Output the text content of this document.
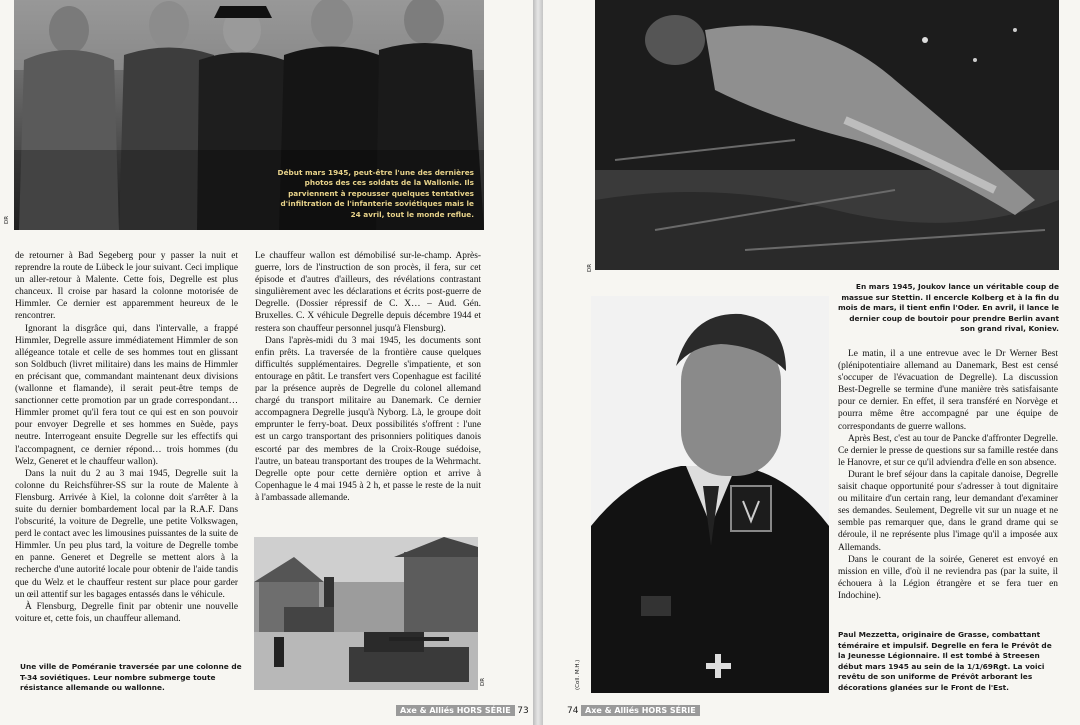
Début mars 1945, peut-être l'une des dernières photos des ces soldats de la Wallonie. Ils parviennent à repousser quelques tentatives d'infiltration de l'infanterie soviétiques mais le 24 avril, tout le monde reflue.
DR

de retourner à Bad Segeberg pour y passer la nuit et reprendre la route de Lübeck le jour suivant. Ceci implique un aller-retour à Malente. Cette fois, Degrelle est plus chanceux. Il croise par hasard la colonne motorisée de Himmler. Ce dernier est apparemment heureux de le rencontrer.

Ignorant la disgrâce qui, dans l'intervalle, a frappé Himmler, Degrelle assure immédiatement Himmler de son allégeance totale et celle de ses hommes tout en glissant son Soldbuch (livret militaire) dans les mains de Himmler en précisant que, commandant maintenant deux divisions (wallonne et flamande), il serait peut-être temps de sanctionner cette promotion par un grade correspondant… Himmler promet qu'il fera tout ce qui est en son pouvoir pour envoyer Degrelle et ses hommes en Suède, pays neutre. Interrogeant ensuite Degrelle sur les effectifs qui l'accompagnent, ce dernier répond… trois hommes (du Welz, Generet et le chauffeur wallon).

Dans la nuit du 2 au 3 mai 1945, Degrelle suit la colonne du Reichsführer-SS sur la route de Malente à Flensburg. Arrivée à Kiel, la colonne doit s'arrêter à la suite du dernier bombardement local par la R.A.F. Dans l'obscurité, la voiture de Degrelle, une petite Volkswagen, perd le contact avec les limousines puissantes de la suite de Himmler. Un peu plus tard, la voiture de Degrelle tombe en panne. Generet et Degrelle se mettent alors à la recherche d'une autorité locale pour obtenir de l'aide tandis que du Welz et le chauffeur restent sur place pour garder un œil attentif sur les bagages entassés dans le véhicule.

À Flensburg, Degrelle finit par obtenir une nouvelle voiture et, cette fois, un chauffeur allemand.

Le chauffeur wallon est démobilisé sur-le-champ. Après-guerre, lors de l'instruction de son procès, il fera, sur cet épisode et d'autres d'ailleurs, des révélations contrastant singulièrement avec les déclarations et écrits post-guerre de Degrelle. (Dossier répressif de C. X… – Aud. Gén. Bruxelles. C. X véhicule Degrelle depuis décembre 1944 et restera son chauffeur personnel jusqu'à Flensburg).

Dans l'après-midi du 3 mai 1945, les documents sont enfin prêts. La traversée de la frontière cause quelques difficultés supplémentaires. Degrelle s'impatiente, et son entourage en pâtit. Le transfert vers Copenhague est facilité par la présence auprès de Degrelle du colonel allemand chargé du transport militaire au Danemark. Ce dernier accompagnera Degrelle jusqu'à Nyborg. Là, le groupe doit emprunter le ferry-boat. Deux possibilités s'offrent : l'une est un cargo transportant des prisonniers politiques danois escorté par des membres de la Croix-Rouge suédoise, l'autre, un bateau transportant des troupes de la Wehrmacht. Degrelle opte pour cette dernière option et arrive à Copenhague le 4 mai 1945 à 2 h, et passe le reste de la nuit à l'ambassade allemande.

DR
Une ville de Poméranie traversée par une colonne de T-34 soviétiques. Leur nombre submerge toute résistance allemande ou wallonne.
Axe & Alliés HORS SÉRIE 73
DR
En mars 1945, Joukov lance un véritable coup de massue sur Stettin. Il encercle Kolberg et à la fin du mois de mars, il tient enfin l'Oder. En avril, il lance le dernier coup de boutoir pour prendre Berlin avant son grand rival, Koniev.
(Coll. M.H.)

Le matin, il a une entrevue avec le Dr Werner Best (plénipotentiaire allemand au Danemark, Best est censé s'occuper de l'évacuation de Degrelle). La discussion Best-Degrelle se termine d'une manière très satisfaisante pour ce dernier. En effet, il sera transféré en Norvège et pourra même être accompagné par une équipe de correspondants de guerre wallons.

Après Best, c'est au tour de Pancke d'affronter Degrelle. Ce dernier le presse de questions sur sa famille restée dans le Hanovre, et sur ce qu'il adviendra d'elle en son absence.

Durant le bref séjour dans la capitale danoise, Degrelle saisit chaque opportunité pour s'adresser à tout dignitaire ou militaire d'un certain rang, leur demandant d'examiner ses demandes. Seulement, Degrelle vit sur un nuage et ne semble pas remarquer que, dans le grand drame qui se déroule, il ne représente plus l'image qu'il a imposée aux Allemands.

Dans le courant de la soirée, Generet est envoyé en mission en ville, d'où il ne reviendra pas (par la suite, il échouera à la Légion étrangère et se fera tuer en Indochine).

Paul Mezzetta, originaire de Grasse, combattant téméraire et impulsif. Degrelle en fera le Prévôt de la Jeunesse Légionnaire. Il est tombé à Streesen début mars 1945 au sein de la 1/1/69Rgt. La voici revêtu de son uniforme de Prévôt arborant les décorations glanées sur le Front de l'Est.
74 Axe & Alliés HORS SÉRIE
